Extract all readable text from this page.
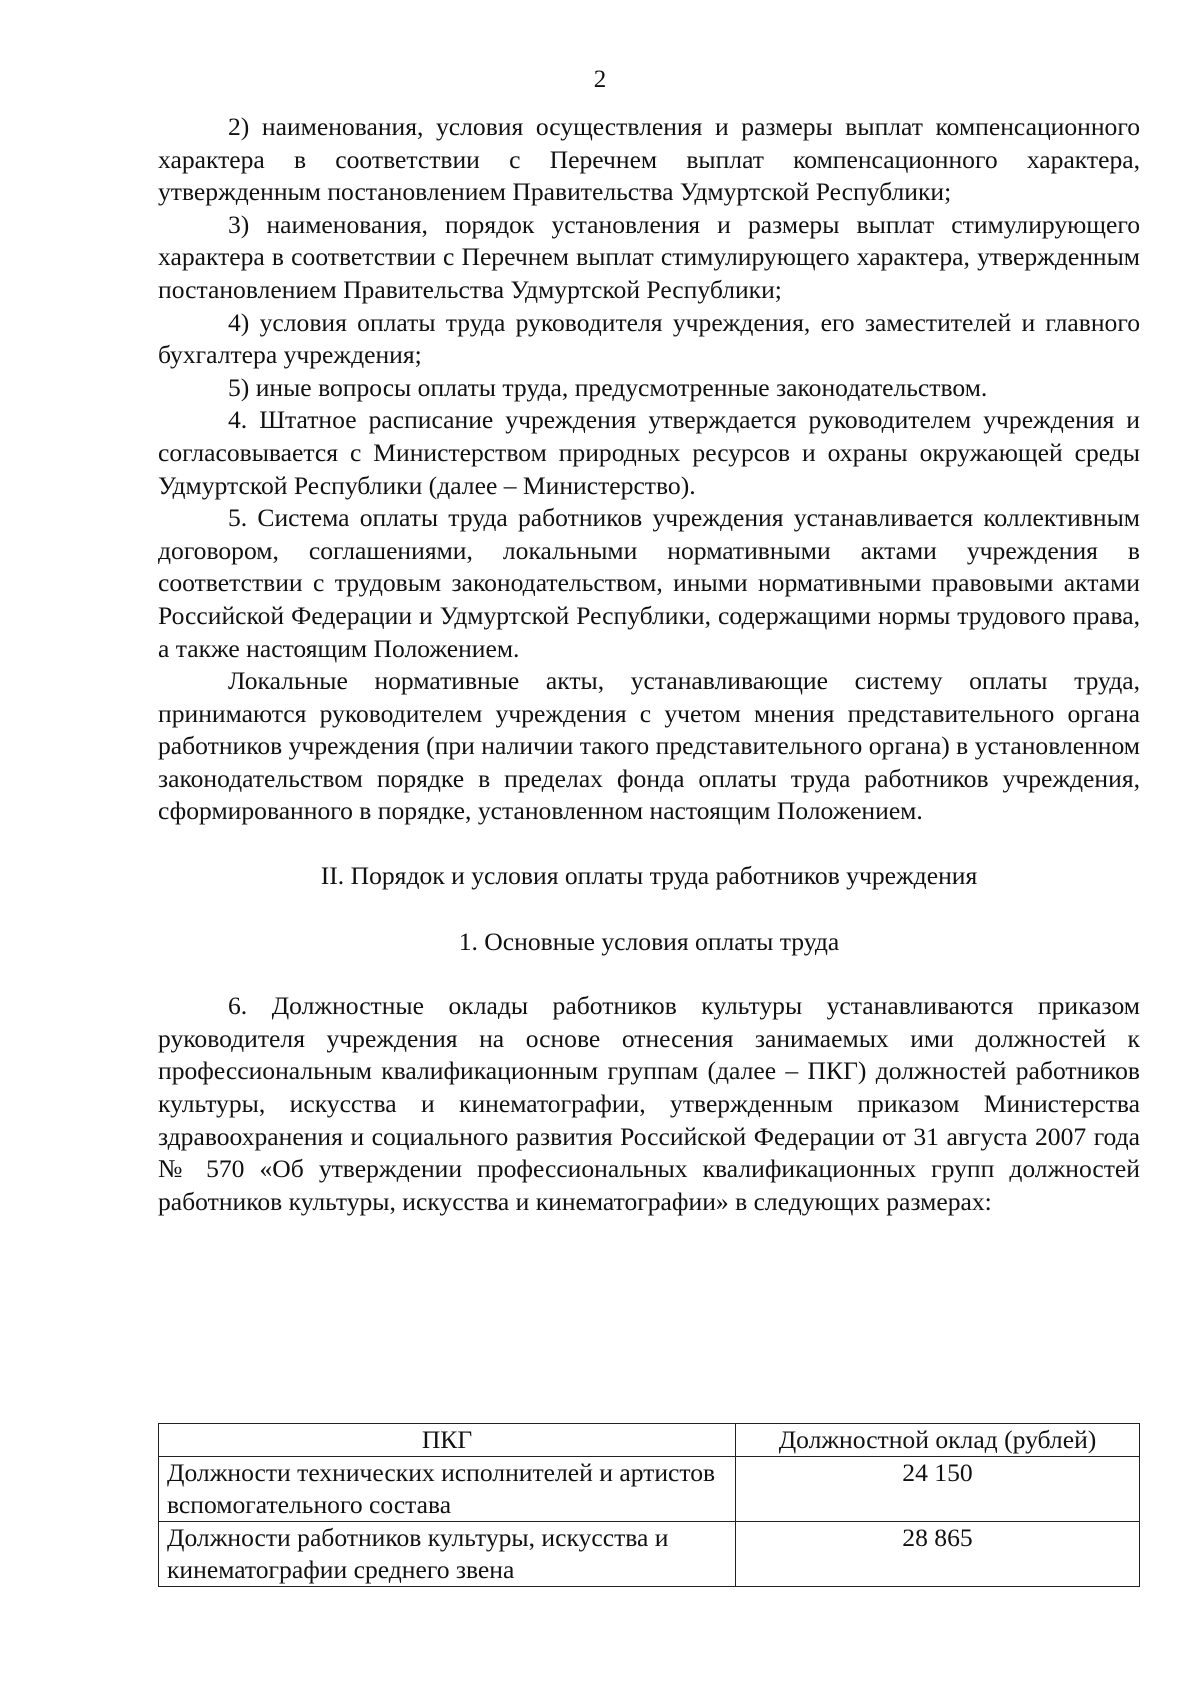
2

2) наименования, условия осуществления и размеры выплат компенсационного характера в соответствии с Перечнем выплат компенсационного характера, утвержденным постановлением Правительства Удмуртской Республики;

3) наименования, порядок установления и размеры выплат стимулирующего характера в соответствии с Перечнем выплат стимулирующего характера, утвержденным постановлением Правительства Удмуртской Республики;

4) условия оплаты труда руководителя учреждения, его заместителей и главного бухгалтера учреждения;

5) иные вопросы оплаты труда, предусмотренные законодательством.

4. Штатное расписание учреждения утверждается руководителем учреждения и согласовывается с Министерством природных ресурсов и охраны окружающей среды Удмуртской Республики (далее – Министерство).

5. Система оплаты труда работников учреждения устанавливается коллективным договором, соглашениями, локальными нормативными актами учреждения в соответствии с трудовым законодательством, иными нормативными правовыми актами Российской Федерации и Удмуртской Республики, содержащими нормы трудового права, а также настоящим Положением.

Локальные нормативные акты, устанавливающие систему оплаты труда, принимаются руководителем учреждения с учетом мнения представительного органа работников учреждения (при наличии такого представительного органа) в установленном законодательством порядке в пределах фонда оплаты труда работников учреждения, сформированного в порядке, установленном настоящим Положением.

II. Порядок и условия оплаты труда работников учреждения

1. Основные условия оплаты труда

6. Должностные оклады работников культуры устанавливаются приказом руководителя учреждения на основе отнесения занимаемых ими должностей к профессиональным квалификационным группам (далее – ПКГ) должностей работников культуры, искусства и кинематографии, утвержденным приказом Министерства здравоохранения и социального развития Российской Федерации от 31 августа 2007 года № 570 «Об утверждении профессиональных квалификационных групп должностей работников культуры, искусства и кинематографии» в следующих размерах:

ПКГ	Должностной оклад (рублей)
Должности технических исполнителей и артистов вспомогательного состава	24 150
Должности работников культуры, искусства и кинематографии среднего звена	28 865
